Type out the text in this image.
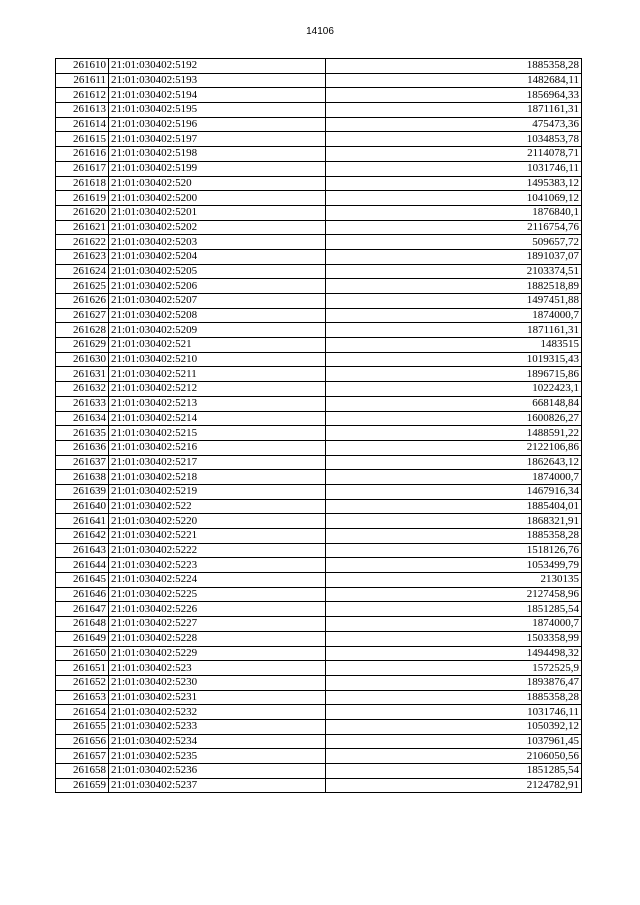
14106
261610	21:01:030402:5192	1885358,28
261611	21:01:030402:5193	1482684,11
261612	21:01:030402:5194	1856964,33
261613	21:01:030402:5195	1871161,31
261614	21:01:030402:5196	475473,36
261615	21:01:030402:5197	1034853,78
261616	21:01:030402:5198	2114078,71
261617	21:01:030402:5199	1031746,11
261618	21:01:030402:520	1495383,12
261619	21:01:030402:5200	1041069,12
261620	21:01:030402:5201	1876840,1
261621	21:01:030402:5202	2116754,76
261622	21:01:030402:5203	509657,72
261623	21:01:030402:5204	1891037,07
261624	21:01:030402:5205	2103374,51
261625	21:01:030402:5206	1882518,89
261626	21:01:030402:5207	1497451,88
261627	21:01:030402:5208	1874000,7
261628	21:01:030402:5209	1871161,31
261629	21:01:030402:521	1483515
261630	21:01:030402:5210	1019315,43
261631	21:01:030402:5211	1896715,86
261632	21:01:030402:5212	1022423,1
261633	21:01:030402:5213	668148,84
261634	21:01:030402:5214	1600826,27
261635	21:01:030402:5215	1488591,22
261636	21:01:030402:5216	2122106,86
261637	21:01:030402:5217	1862643,12
261638	21:01:030402:5218	1874000,7
261639	21:01:030402:5219	1467916,34
261640	21:01:030402:522	1885404,01
261641	21:01:030402:5220	1868321,91
261642	21:01:030402:5221	1885358,28
261643	21:01:030402:5222	1518126,76
261644	21:01:030402:5223	1053499,79
261645	21:01:030402:5224	2130135
261646	21:01:030402:5225	2127458,96
261647	21:01:030402:5226	1851285,54
261648	21:01:030402:5227	1874000,7
261649	21:01:030402:5228	1503358,99
261650	21:01:030402:5229	1494498,32
261651	21:01:030402:523	1572525,9
261652	21:01:030402:5230	1893876,47
261653	21:01:030402:5231	1885358,28
261654	21:01:030402:5232	1031746,11
261655	21:01:030402:5233	1050392,12
261656	21:01:030402:5234	1037961,45
261657	21:01:030402:5235	2106050,56
261658	21:01:030402:5236	1851285,54
261659	21:01:030402:5237	2124782,91
